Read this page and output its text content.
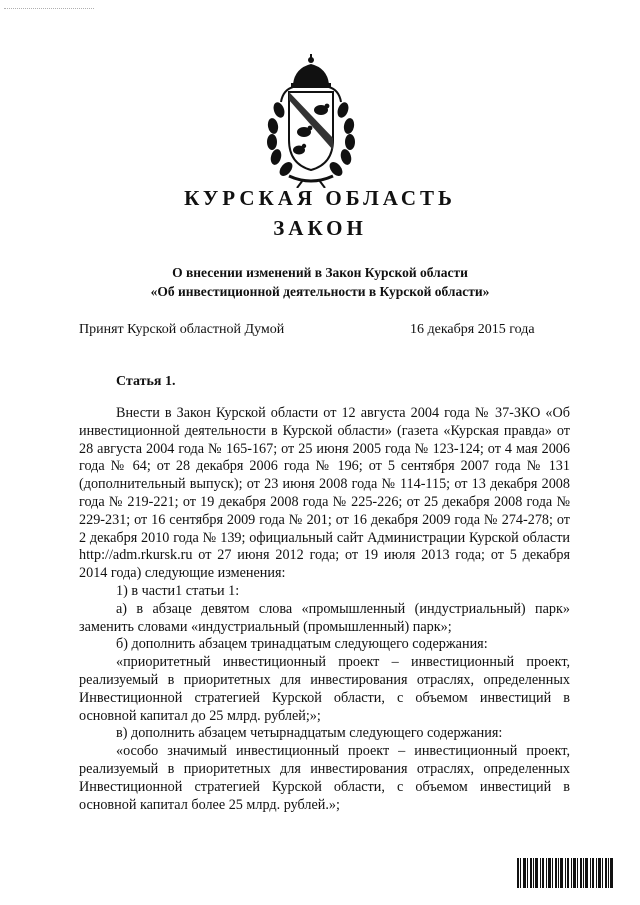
КУРСКАЯ ОБЛАСТЬ
ЗАКОН
О внесении изменений в Закон Курской области
«Об инвестиционной деятельности в Курской области»
Принят Курской областной Думой	16 декабря 2015 года
Статья 1.

Внести в Закон Курской области от 12 августа 2004 года № 37-ЗКО «Об инвестиционной деятельности в Курской области» (газета «Курская правда» от 28 августа 2004 года № 165-167; от 25 июня 2005 года № 123-124; от 4 мая 2006 года № 64; от 28 декабря 2006 года № 196; от 5 сентября 2007 года № 131 (дополнительный выпуск); от 23 июня 2008 года № 114-115; от 13 декабря 2008 года № 219-221; от 19 декабря 2008 года № 225-226; от 25 декабря 2008 года № 229-231; от 16 сентября 2009 года № 201; от 16 декабря 2009 года № 274-278; от 2 декабря 2010 года № 139; официальный сайт Администрации Курской области http://adm.rkursk.ru от 27 июня 2012 года; от 19 июля 2013 года; от 5 декабря 2014 года) следующие изменения:

1) в части1 статьи 1:

а) в абзаце девятом слова «промышленный (индустриальный) парк» заменить словами «индустриальный (промышленный) парк»;

б) дополнить абзацем тринадцатым следующего содержания:

«приоритетный инвестиционный проект – инвестиционный проект, реализуемый в приоритетных для инвестирования отраслях, определенных Инвестиционной стратегией Курской области, с объемом инвестиций в основной капитал до 25 млрд. рублей;»;

в) дополнить абзацем четырнадцатым следующего содержания:

«особо значимый инвестиционный проект – инвестиционный проект, реализуемый в приоритетных для инвестирования отраслях, определенных Инвестиционной стратегией Курской области, с объемом инвестиций в основной капитал более 25 млрд. рублей.»;
